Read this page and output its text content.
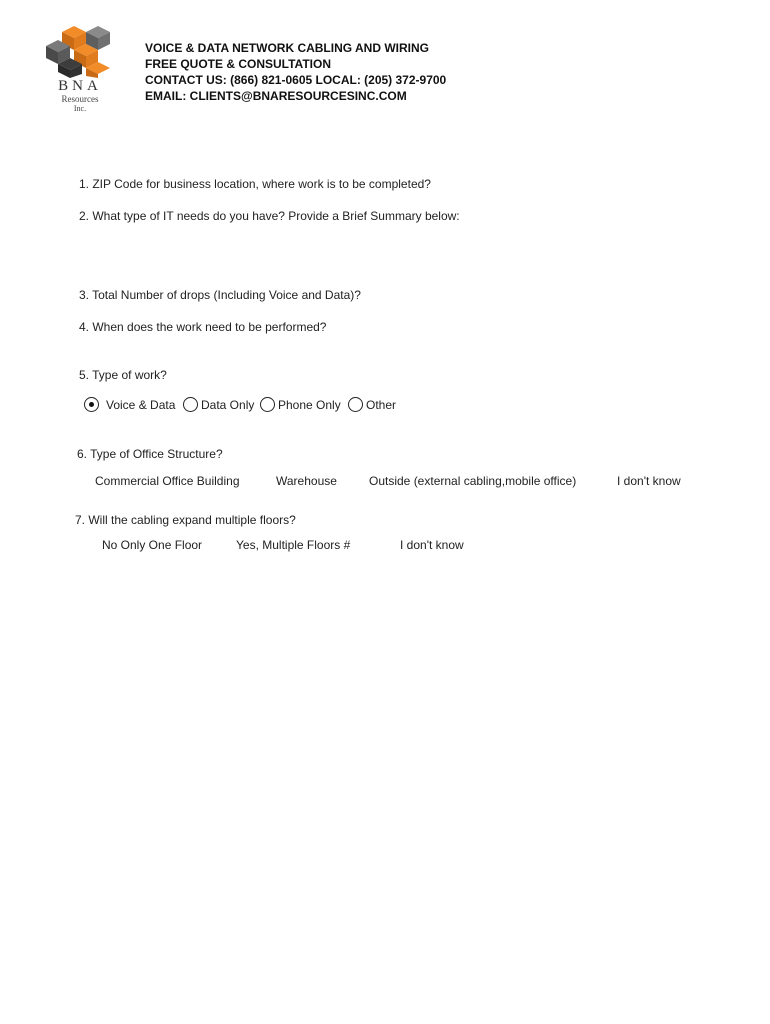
BNA
Resources
Inc.
VOICE & DATA NETWORK CABLING AND WIRING
FREE QUOTE & CONSULTATION
CONTACT US: (866) 821-0605 LOCAL: (205) 372-9700
EMAIL: CLIENTS@BNARESOURCESINC.COM
1. ZIP Code for business location, where work is to be completed?
2. What type of IT needs do you have? Provide a Brief Summary below:
3. Total Number of drops (Including Voice and Data)?
4. When does the work need to be performed?
5. Type of work?
Voice & Data Data Only Phone Only Other
6. Type of Office Structure?
Commercial Office Building	Warehouse	Outside (external cabling,mobile office)	I don't know
7. Will the cabling expand multiple floors?
No Only One Floor	Yes, Multiple Floors #	I don't know
